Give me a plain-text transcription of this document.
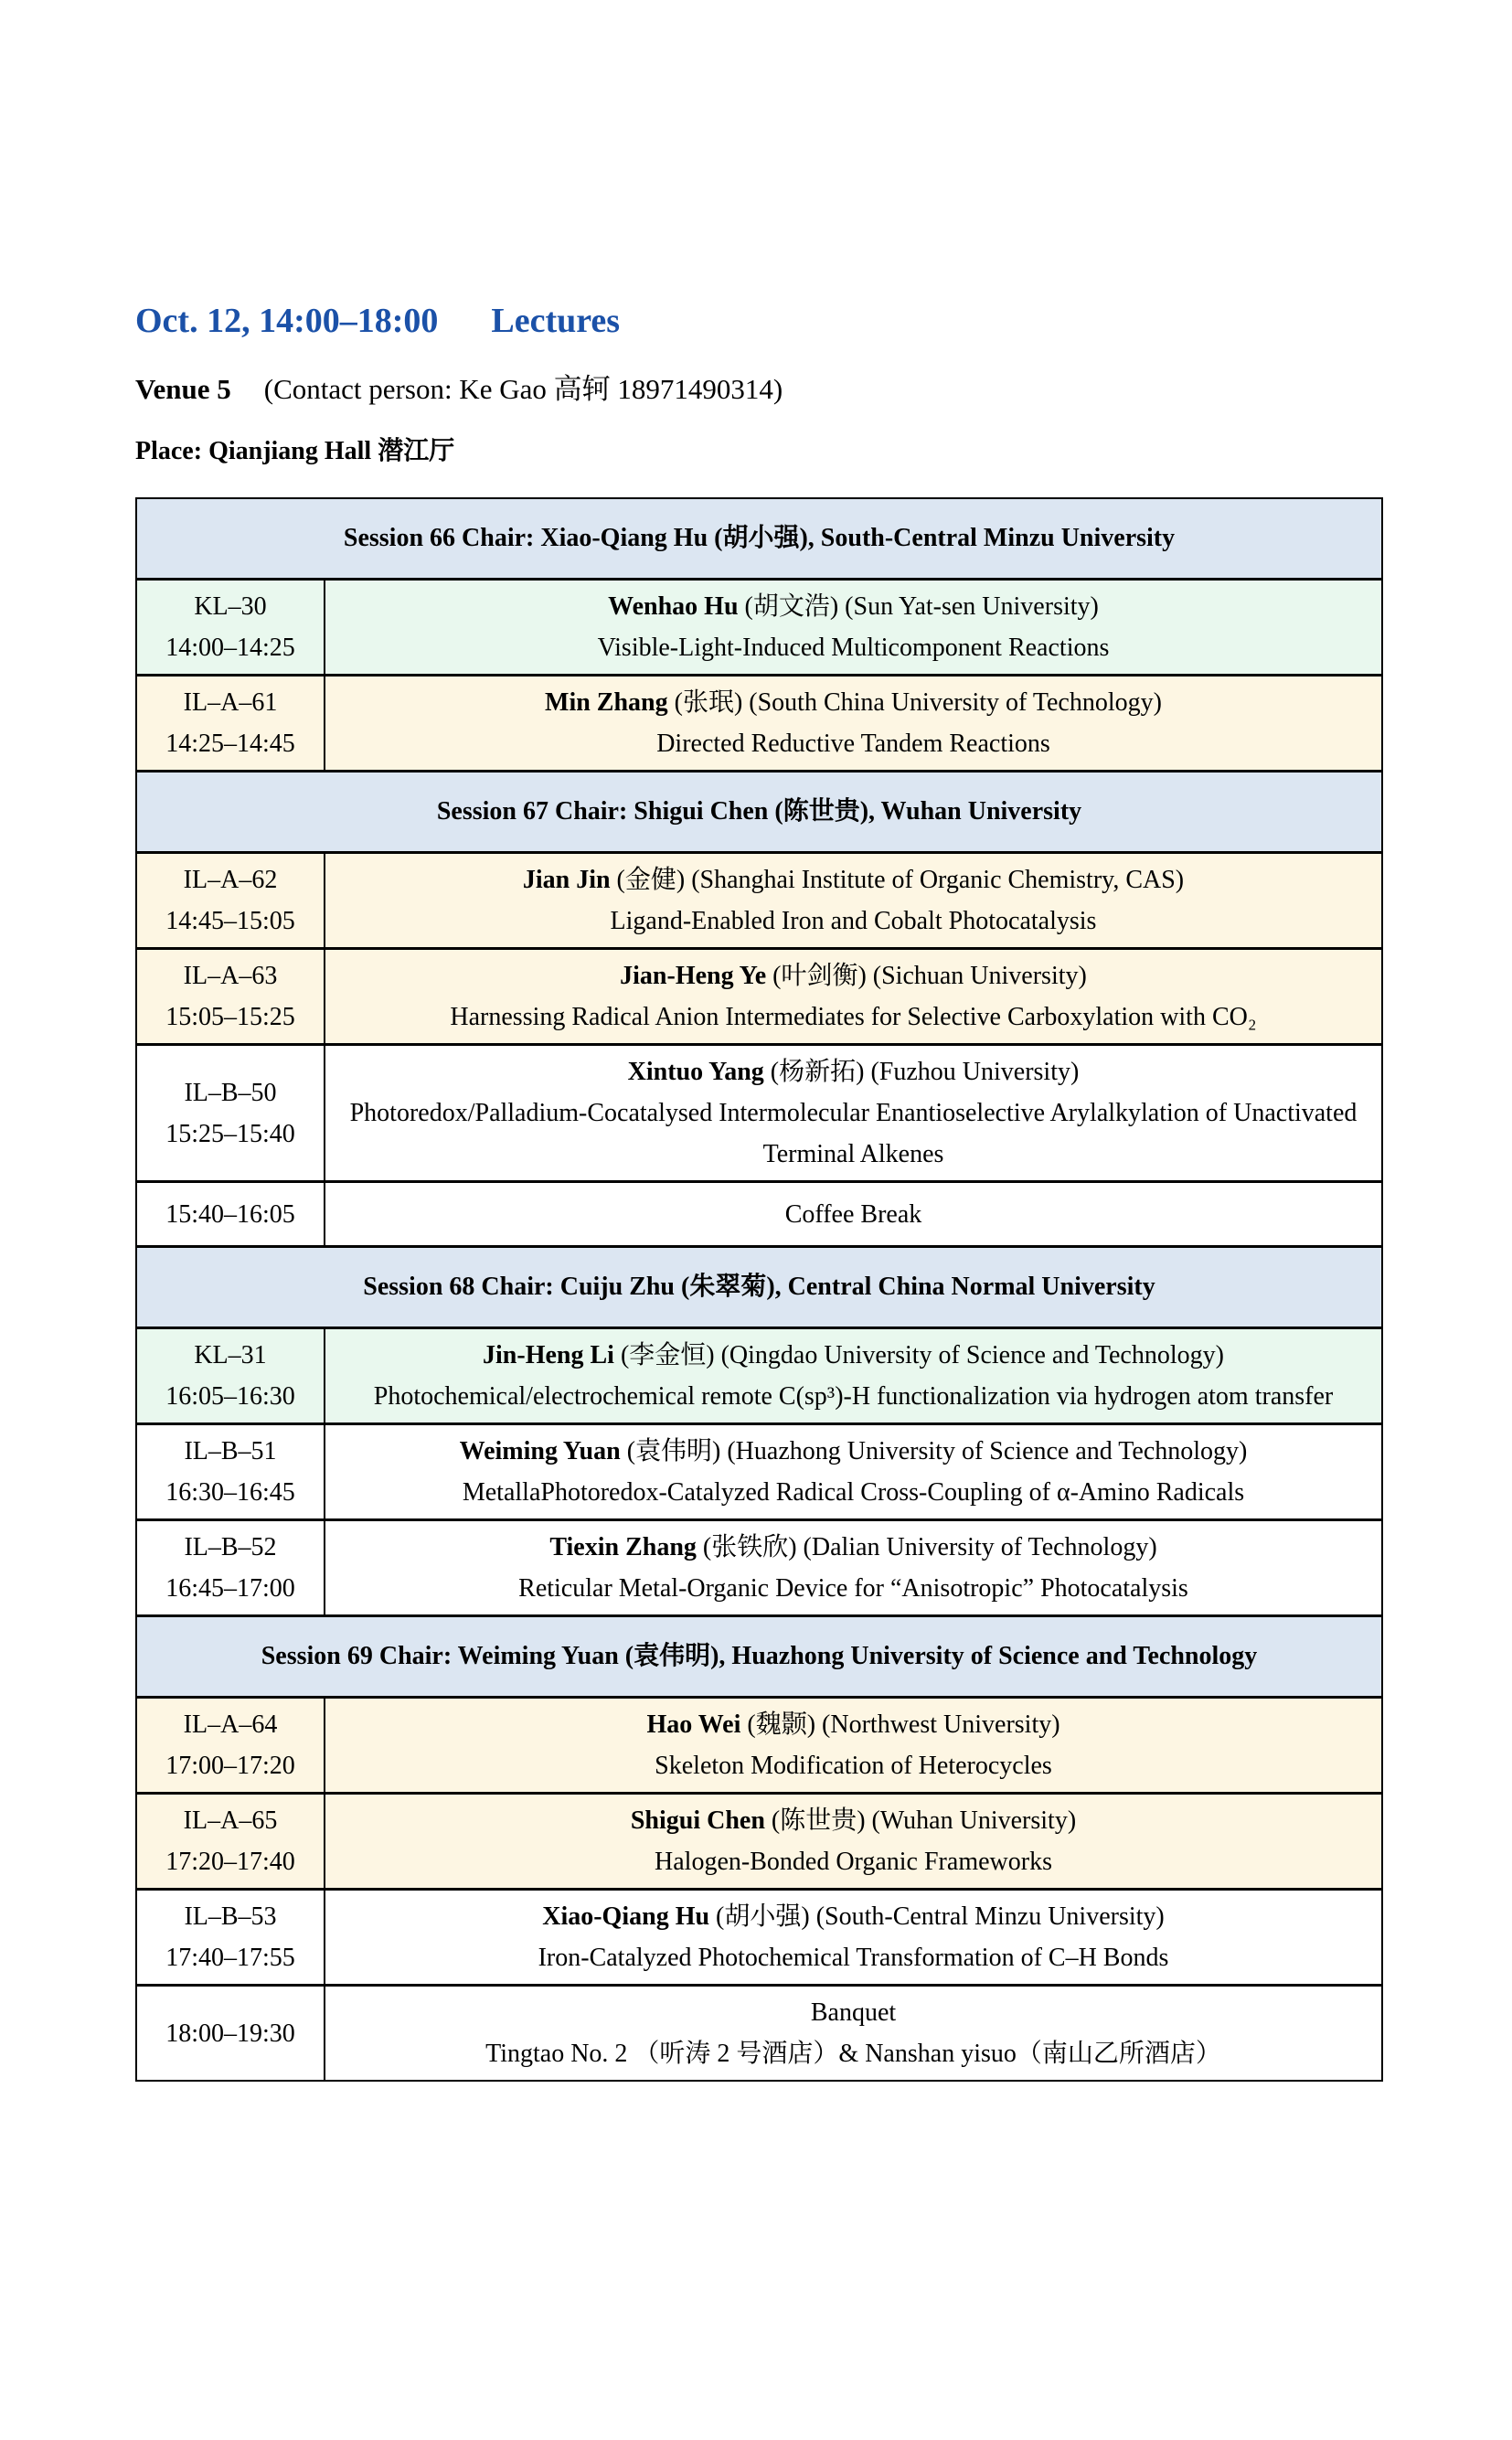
Oct. 12, 14:00–18:00 Lectures

Venue 5 (Contact person: Ke Gao 高轲 18971490314)

Place: Qianjiang Hall 潜江厅

Session 66 Chair: Xiao-Qiang Hu (胡小强), South-Central Minzu University
KL–30
14:00–14:25
Wenhao Hu (胡文浩) (Sun Yat-sen University)
Visible-Light-Induced Multicomponent Reactions
IL–A–61
14:25–14:45
Min Zhang (张珉) (South China University of Technology)
Directed Reductive Tandem Reactions
Session 67 Chair: Shigui Chen (陈世贵), Wuhan University
IL–A–62
14:45–15:05
Jian Jin (金健) (Shanghai Institute of Organic Chemistry, CAS)
Ligand-Enabled Iron and Cobalt Photocatalysis
IL–A–63
15:05–15:25
Jian-Heng Ye (叶剑衡) (Sichuan University)
Harnessing Radical Anion Intermediates for Selective Carboxylation with CO₂
IL–B–50
15:25–15:40
Xintuo Yang (杨新拓) (Fuzhou University)
Photoredox/Palladium-Cocatalysed Intermolecular Enantioselective Arylalkylation of Unactivated Terminal Alkenes
15:40–16:05	Coffee Break
Session 68 Chair: Cuiju Zhu (朱翠菊), Central China Normal University
KL–31
16:05–16:30
Jin-Heng Li (李金恒) (Qingdao University of Science and Technology)
Photochemical/electrochemical remote C(sp³)-H functionalization via hydrogen atom transfer
IL–B–51
16:30–16:45
Weiming Yuan (袁伟明) (Huazhong University of Science and Technology)
MetallaPhotoredox-Catalyzed Radical Cross-Coupling of α-Amino Radicals
IL–B–52
16:45–17:00
Tiexin Zhang (张铁欣) (Dalian University of Technology)
Reticular Metal-Organic Device for “Anisotropic” Photocatalysis
Session 69 Chair: Weiming Yuan (袁伟明), Huazhong University of Science and Technology
IL–A–64
17:00–17:20
Hao Wei (魏颢) (Northwest University)
Skeleton Modification of Heterocycles
IL–A–65
17:20–17:40
Shigui Chen (陈世贵) (Wuhan University)
Halogen-Bonded Organic Frameworks
IL–B–53
17:40–17:55
Xiao-Qiang Hu (胡小强) (South-Central Minzu University)
Iron-Catalyzed Photochemical Transformation of C–H Bonds
18:00–19:30
Banquet
Tingtao No. 2 （听涛 2 号酒店）& Nanshan yisuo（南山乙所酒店）
